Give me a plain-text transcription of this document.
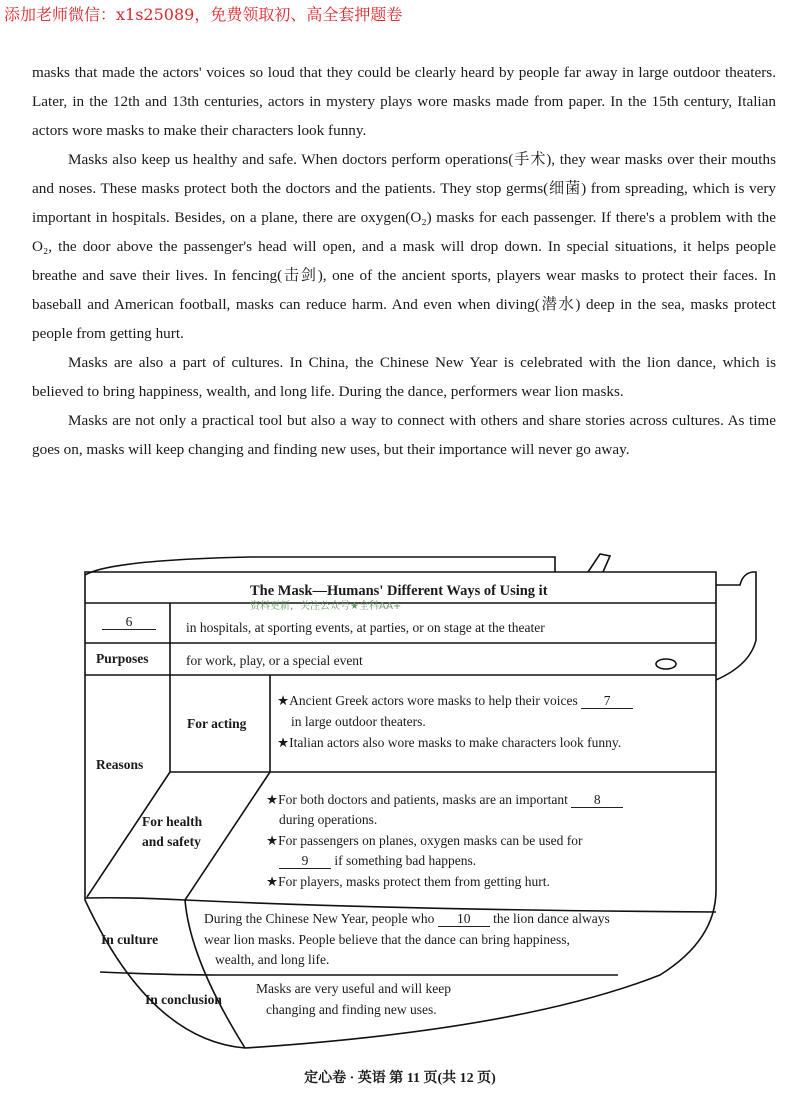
添加老师微信：x1s25089，免费领取初、高全套押题卷

masks that made the actors' voices so loud that they could be clearly heard by people far away in large outdoor theaters. Later, in the 12th and 13th centuries, actors in mystery plays wore masks made from paper. In the 15th century, Italian actors wore masks to make their characters look funny.

Masks also keep us healthy and safe. When doctors perform operations(手术), they wear masks over their mouths and noses. These masks protect both the doctors and the patients. They stop germs(细菌) from spreading, which is very important in hospitals. Besides, on a plane, there are oxygen(O₂) masks for each passenger. If there's a problem with the O₂, the door above the passenger's head will open, and a mask will drop down. In special situations, it helps people breathe and save their lives. In fencing(击剑), one of the ancient sports, players wear masks to protect their faces. In baseball and American football, masks can reduce harm. And even when diving(潜水) deep in the sea, masks protect people from getting hurt.

Masks are also a part of cultures. In China, the Chinese New Year is celebrated with the lion dance, which is believed to bring happiness, wealth, and long life. During the dance, performers wear lion masks.

Masks are not only a practical tool but also a way to connect with others and share stories across cultures. As time goes on, masks will keep changing and finding new uses, but their importance will never go away.

The Mask—Humans' Different Ways of Using it
资料更新，关注公众号★全科AA+
6	in hospitals, at sporting events, at parties, or on stage at the theater
Purposes	for work, play, or a special event
Reasons
For acting
★Ancient Greek actors wore masks to help their voices 7
in large outdoor theaters.
★Italian actors also wore masks to make characters look funny.
For health
and safety
★For both doctors and patients, masks are an important 8
during operations.
★For passengers on planes, oxygen masks can be used for
9 if something bad happens.
★For players, masks protect them from getting hurt.
In culture
During the Chinese New Year, people who 10 the lion dance always
wear lion masks. People believe that the dance can bring happiness,
wealth, and long life.
In conclusion
Masks are very useful and will keep
changing and finding new uses.
定心卷 · 英语 第 11 页(共 12 页)
